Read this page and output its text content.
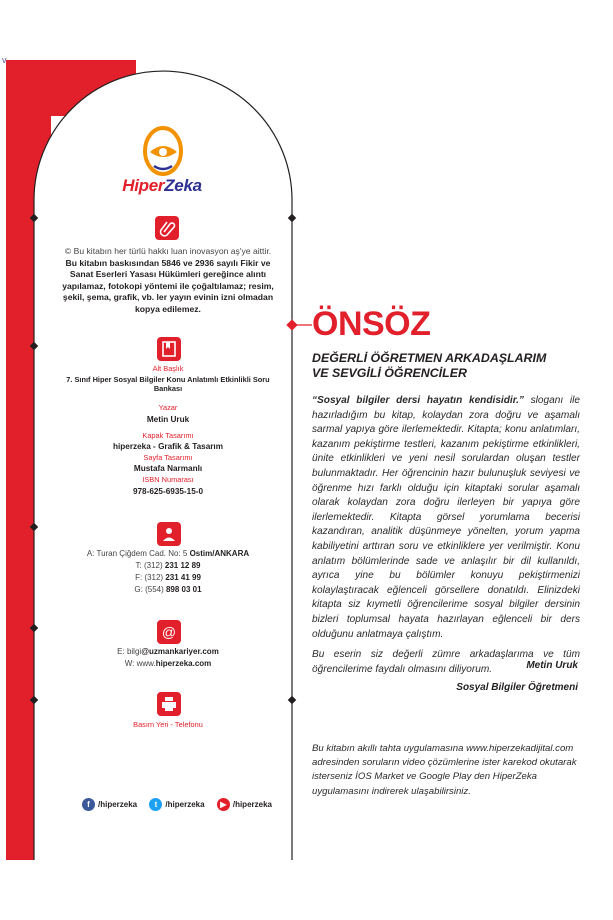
v
HiperZeka
© Bu kitabın her türlü hakkı luan inovasyon aş'ye aittir. Bu kitabın baskısından 5846 ve 2936 sayılı Fikir ve Sanat Eserleri Yasası Hükümleri gereğince alıntı yapılamaz, fotokopi yöntemi ile çoğaltılamaz; resim, şekil, şema, grafik, vb. ler yayın evinin izni olmadan kopya edilemez.
Alt Başlık
7. Sınıf Hiper Sosyal Bilgiler Konu Anlatımlı Etkinlikli Soru Bankası
Yazar
Metin Uruk
Kapak Tasarımı
hiperzeka - Grafik & Tasarım
Sayfa Tasarımı
Mustafa Narmanlı
ISBN Numarası
978-625-6935-15-0
A: Turan Çiğdem Cad. No: 5 Ostim/ANKARA
T: (312) 231 12 89
F: (312) 231 41 99
G: (554) 898 03 01
@
E: bilgi@uzmankariyer.com
W: www.hiperzeka.com
Basım Yeri - Telefonu
f	/hiperzeka	t	/hiperzeka	▶ /hiperzeka
ÖNSÖZ
DEĞERLİ ÖĞRETMEN ARKADAŞLARIM
VE SEVGİLİ ÖĞRENCİLER

“Sosyal bilgiler dersi hayatın kendisidir.” sloganı ile hazırladığım bu kitap, kolaydan zora doğru ve aşamalı sarmal yapıya göre ilerlemektedir. Kitapta; konu anlatımları, kazanım pekiştirme testleri, kazanım pekiştirme etkinlikleri, ünite etkinlikleri ve yeni nesil sorulardan oluşan testler bulunmaktadır. Her öğrencinin hazır bulunuşluk seviyesi ve öğrenme hızı farklı olduğu için kitaptaki sorular aşamalı olarak kolaydan zora doğru ilerleyen bir yapıya göre ilerlemektedir. Kitapta görsel yorumlama becerisi kazandıran, analitik düşünmeye yönelten, yorum yapma kabiliyetini arttıran soru ve etkinliklere yer verilmiştir. Konu anlatım bölümlerinde sade ve anlaşılır bir dil kullanıldı, ayrıca yine bu bölümler konuyu pekiştirmenizi kolaylaştıracak eğlenceli görsellere donatıldı. Elinizdeki kitapta siz kıymetli öğrencilerime sosyal bilgiler dersinin bizleri toplumsal hayata hazırlayan eğlenceli bir ders olduğunu anlatmaya çalıştım.

Bu eserin siz değerli zümre arkadaşlarıma ve tüm öğrencilerime faydalı olmasını diliyorum.	Metin Uruk
Sosyal Bilgiler Öğretmeni
Bu kitabın akıllı tahta uygulamasına www.hiperzekadijital.com adresinden soruların video çözümlerine ister karekod okutarak isterseniz İOS Market ve Google Play den HiperZeka uygulamasını indirerek ulaşabilirsiniz.
